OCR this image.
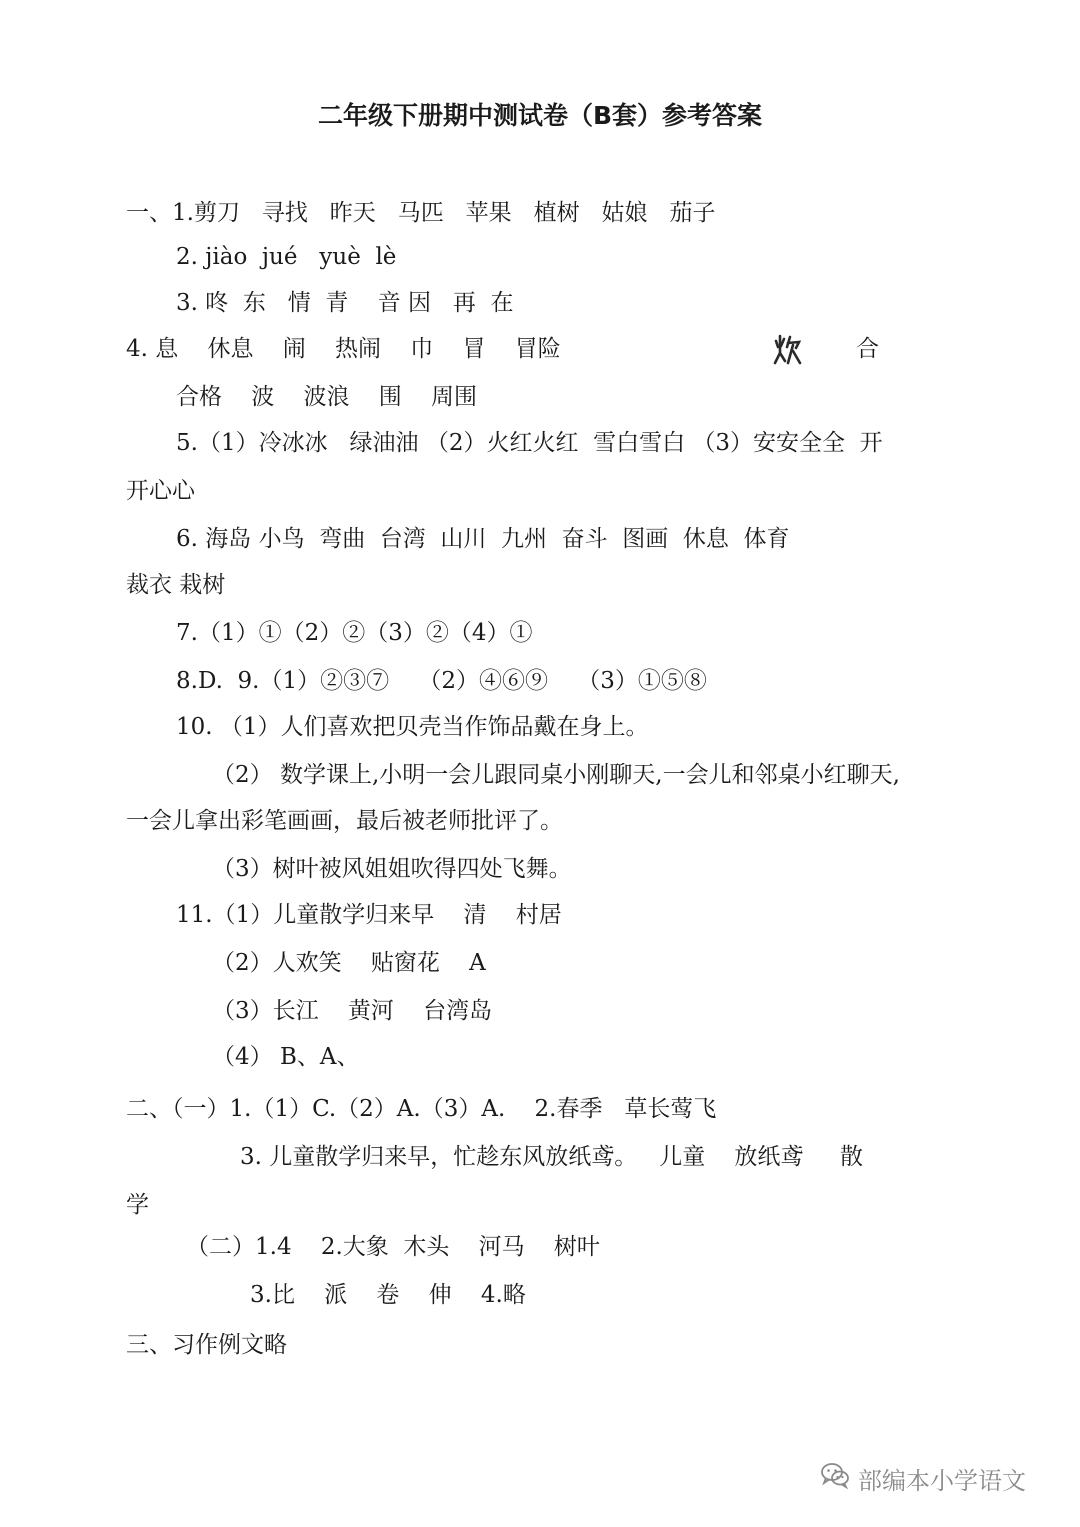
二年级下册期中测试卷（B套）参考答案
一、1.剪刀   寻找   昨天   马匹   苹果   植树   姑娘   茄子
2. jiào  jué   yuè  lè
3. 咚  东   情  青    音 因   再  在
4. 息    休息    闹    热闹    巾    冒    冒险	合
合格    波    波浪    围    周围
5.（1）冷冰冰   绿油油 （2）火红火红  雪白雪白 （3）安安全全  开
开心心
6. 海岛 小鸟  弯曲  台湾  山川  九州  奋斗  图画  休息  体育
裁衣 栽树
7.（1）①（2）②（3）②（4）①
8.D.  9.（1）②③⑦    （2）④⑥⑨    （3）①⑤⑧
10. （1）人们喜欢把贝壳当作饰品戴在身上。
（2） 数学课上,小明一会儿跟同桌小刚聊天,一会儿和邻桌小红聊天,
一会儿拿出彩笔画画，最后被老师批评了。
（3）树叶被风姐姐吹得四处飞舞。
11.（1）儿童散学归来早    清    村居
（2）人欢笑    贴窗花    A
（3）长江    黄河    台湾岛
（4） B、A、
二、（一）1.（1）C.（2）A.（3）A.    2.春季   草长莺飞
3. 儿童散学归来早，忙趁东风放纸鸢。   儿童    放纸鸢     散
学
（二）1.4    2.大象  木头    河马    树叶
3.比    派    卷    伸    4.略
三、习作例文略
部编本小学语文
